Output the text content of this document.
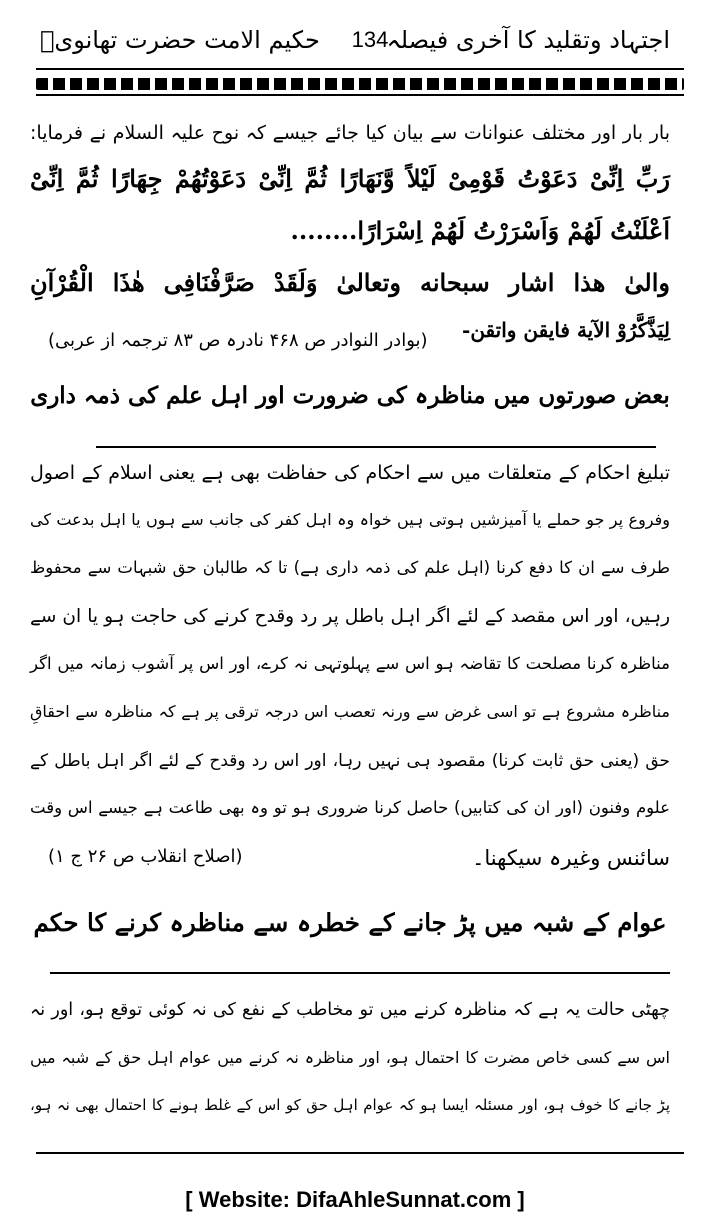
اجتہاد وتقلید کا آخری فیصلہ
134
حکیم الامت حضرت تھانویؒ
بار بار اور مختلف عنوانات سے بیان کیا جائے جیسے کہ نوح علیہ السلام نے فرمایا:
رَبِّ اِنِّیْ دَعَوْتُ قَوْمِیْ لَیْلاً وَّنَهَارًا ثُمَّ اِنِّیْ دَعَوْتُهُمْ جِهَارًا ثُمَّ اِنِّیْ
اَعْلَنْتُ لَهُمْ وَاَسْرَرْتُ لَهُمْ اِسْرَارًا........
والیٰ ھذا اشار سبحانه وتعالیٰ وَلَقَدْ صَرَّفْنَافِی هٰذَا الْقُرْآنِ
لِیَذَّکَّرُوْ الآیة فایقن واتقن-
(بوادر النوادر ص ۴۶۸ نادرہ ص ۸۳ ترجمہ از عربی)
بعض صورتوں میں مناظرہ کی ضرورت اور اہل علم کی ذمہ داری
تبلیغ احکام کے متعلقات میں سے احکام کی حفاظت بھی ہے یعنی اسلام کے اصول
وفروع پر جو حملے یا آمیزشیں ہوتی ہیں خواہ وہ اہل کفر کی جانب سے ہوں یا اہل بدعت کی
طرف سے ان کا دفع کرنا (اہل علم کی ذمہ داری ہے) تا کہ طالبان حق شبہات سے محفوظ
رہیں، اور اس مقصد کے لئے اگر اہل باطل پر رد وقدح کرنے کی حاجت ہو یا ان سے
مناظرہ کرنا مصلحت کا تقاضہ ہو اس سے پہلوتہی نہ کرے، اور اس پر آشوب زمانہ میں اگر
مناظرہ مشروع ہے تو اسی غرض سے ورنہ تعصب اس درجہ ترقی پر ہے کہ مناظرہ سے احقاقِ
حق (یعنی حق ثابت کرنا) مقصود ہی نہیں رہا، اور اس رد وقدح کے لئے اگر اہل باطل کے
علوم وفنون (اور ان کی کتابیں) حاصل کرنا ضروری ہو تو وہ بھی طاعت ہے جیسے اس وقت
سائنس وغیرہ سیکھنا۔
(اصلاح انقلاب ص ۲۶ ج ۱)
عوام کے شبہ میں پڑ جانے کے خطرہ سے مناظرہ کرنے کا حکم
چھٹی حالت یہ ہے کہ مناظرہ کرنے میں تو مخاطب کے نفع کی نہ کوئی توقع ہو، اور نہ
اس سے کسی خاص مضرت کا احتمال ہو، اور مناظرہ نہ کرنے میں عوام اہل حق کے شبہ میں
پڑ جانے کا خوف ہو، اور مسئلہ ایسا ہو کہ عوام اہل حق کو اس کے غلط ہونے کا احتمال بھی نہ ہو،
[ Website: DifaAhleSunnat.com ]
